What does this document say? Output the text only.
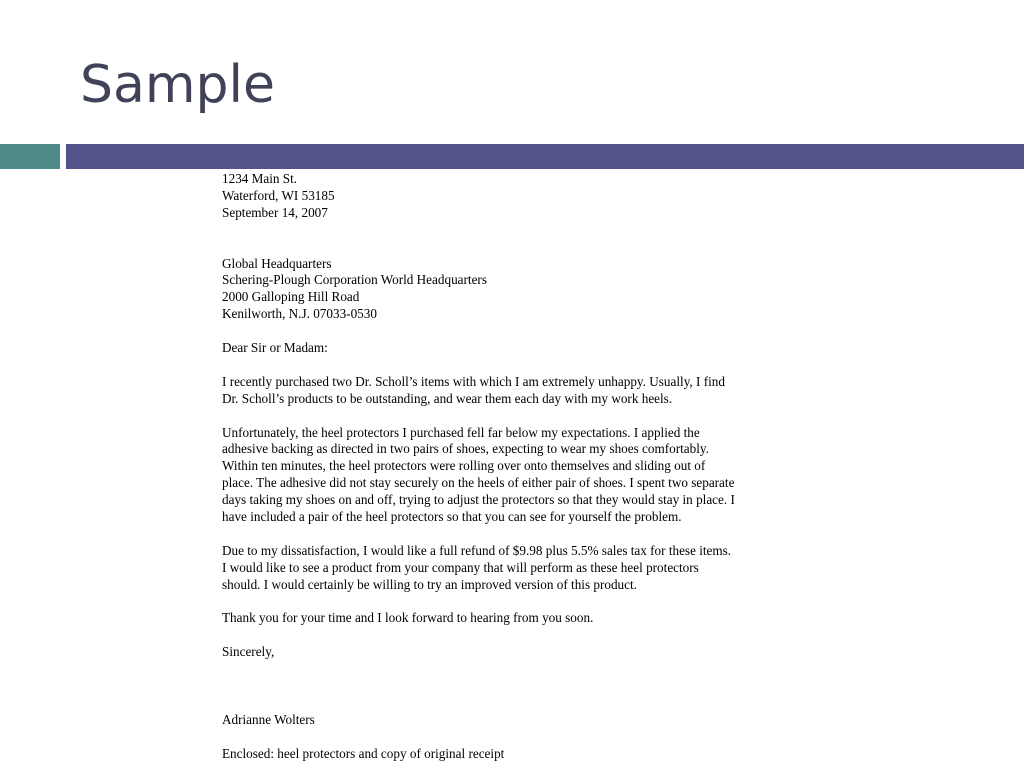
Sample

1234 Main St.
Waterford, WI 53185
September 14, 2007

Global Headquarters
Schering-Plough Corporation World Headquarters
2000 Galloping Hill Road
Kenilworth, N.J. 07033-0530

Dear Sir or Madam:

I recently purchased two Dr. Scholl’s items with which I am extremely unhappy. Usually, I find
Dr. Scholl’s products to be outstanding, and wear them each day with my work heels.

Unfortunately, the heel protectors I purchased fell far below my expectations. I applied the
adhesive backing as directed in two pairs of shoes, expecting to wear my shoes comfortably.
Within ten minutes, the heel protectors were rolling over onto themselves and sliding out of
place. The adhesive did not stay securely on the heels of either pair of shoes. I spent two separate
days taking my shoes on and off, trying to adjust the protectors so that they would stay in place. I
have included a pair of the heel protectors so that you can see for yourself the problem.

Due to my dissatisfaction, I would like a full refund of $9.98 plus 5.5% sales tax for these items.
I would like to see a product from your company that will perform as these heel protectors
should. I would certainly be willing to try an improved version of this product.

Thank you for your time and I look forward to hearing from you soon.

Sincerely,

Adrianne Wolters

Enclosed: heel protectors and copy of original receipt
